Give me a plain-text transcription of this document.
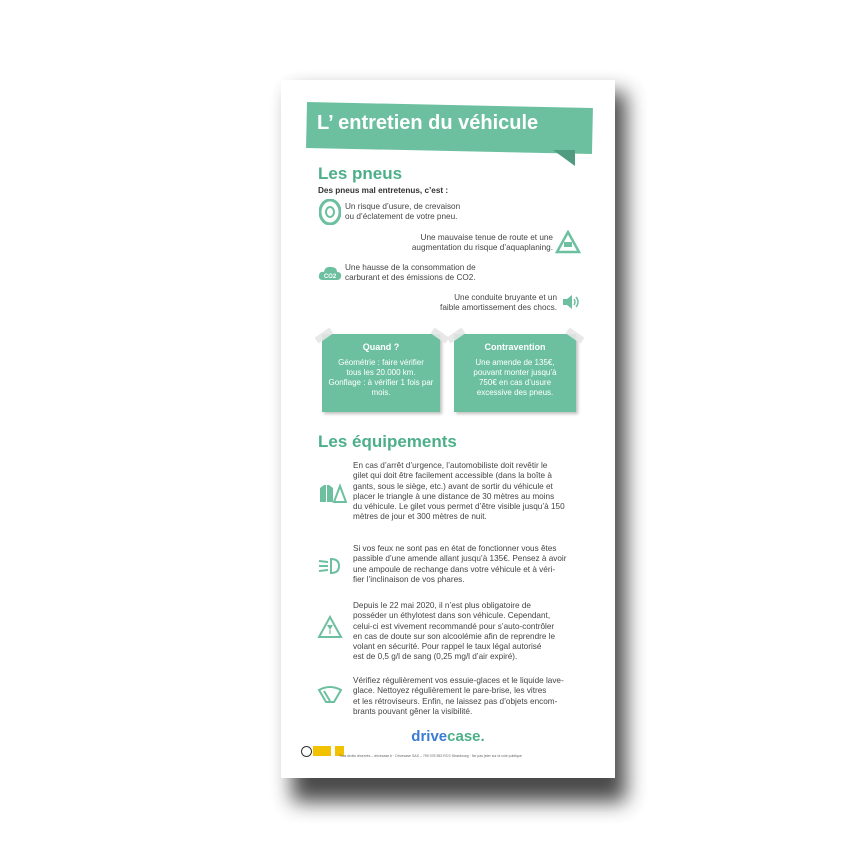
L’ entretien du véhicule
Les pneus
Des pneus mal entretenus, c’est :
Un risque d’usure, de crevaison
ou d’éclatement de votre pneu.
Une mauvaise tenue de route et une
augmentation du risque d’aquaplaning.
CO2
Une hausse de la consommation de
carburant et des émissions de CO2.
Une conduite bruyante et un
faible amortissement des chocs.
Quand ?
Géométrie : faire vérifier
tous les 20.000 km.
Gonflage : à vérifier 1 fois par
mois.
Contravention
Une amende de 135€,
pouvant monter jusqu’à
750€ en cas d’usure
excessive des pneus.
Les équipements
En cas d’arrêt d’urgence, l’automobiliste doit revêtir le
gilet qui doit être facilement accessible (dans la boîte à
gants, sous le siège, etc.) avant de sortir du véhicule et
placer le triangle à une distance de 30 mètres au moins
du véhicule. Le gilet vous permet d’être visible jusqu’à 150
mètres de jour et 300 mètres de nuit.
Si vos feux ne sont pas en état de fonctionner vous êtes
passible d’une amende allant jusqu’à 135€. Pensez à avoir
une ampoule de rechange dans votre véhicule et à véri-
fier l’inclinaison de vos phares.
Depuis le 22 mai 2020, il n’est plus obligatoire de
posséder un éthylotest dans son véhicule. Cependant,
celui-ci est vivement recommandé pour s’auto-contrôler
en cas de doute sur son alcoolémie afin de reprendre le
volant en sécurité. Pour rappel le taux légal autorisé
est de 0,5 g/l de sang (0,25 mg/l d’air expiré).
Vérifiez régulièrement vos essuie-glaces et le liquide lave-
glace. Nettoyez régulièrement le pare-brise, les vitres
et les rétroviseurs. Enfin, ne laissez pas d’objets encom-
brants pouvant gêner la visibilité.
drivecase.
Tous droits réservés – drivecase.fr · Drivecase SAS – 799 378 553 RCS Strasbourg · Ne pas jeter sur la voie publique
